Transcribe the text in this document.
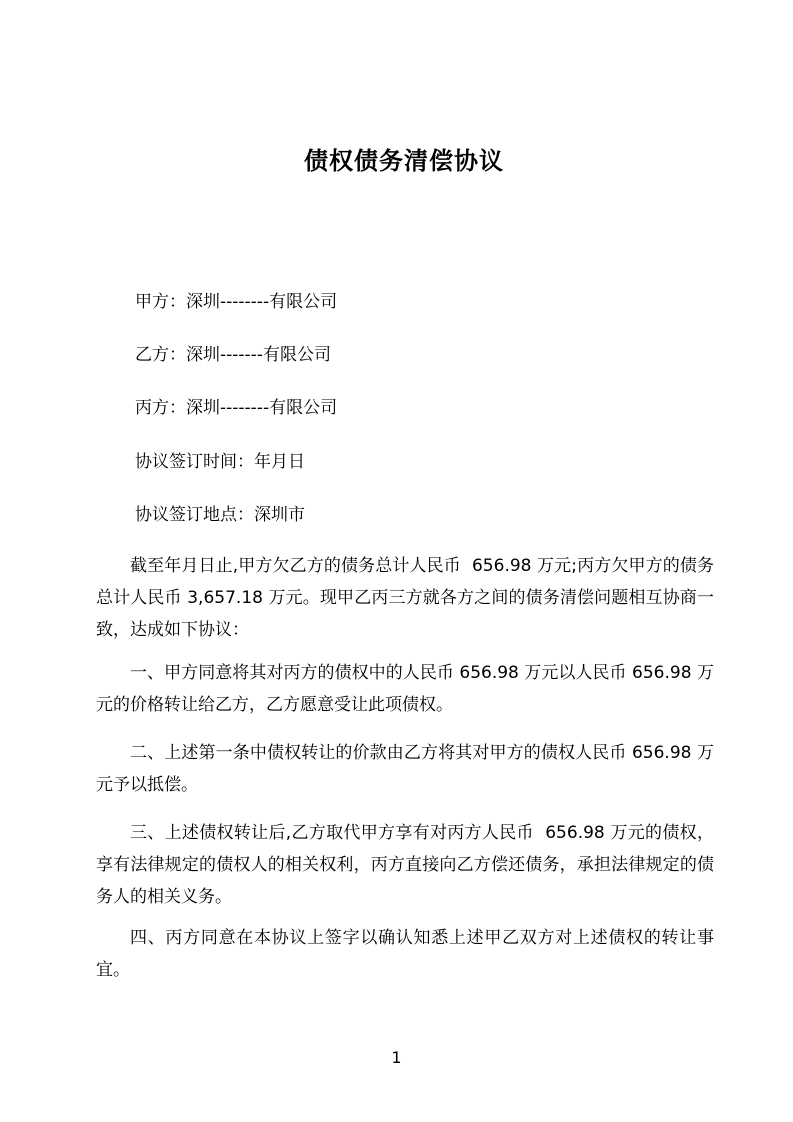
债权债务清偿协议
甲方：深圳--------有限公司
乙方：深圳-------有限公司
丙方：深圳--------有限公司
协议签订时间：年月日
协议签订地点：深圳市

截至年月日止,甲方欠乙方的债务总计人民币  656.98 万元;丙方欠甲方的债务总计人民币 3,657.18 万元。现甲乙丙三方就各方之间的债务清偿问题相互协商一致，达成如下协议：

一、甲方同意将其对丙方的债权中的人民币 656.98 万元以人民币 656.98 万元的价格转让给乙方，乙方愿意受让此项债权。

二、上述第一条中债权转让的价款由乙方将其对甲方的债权人民币 656.98 万元予以抵偿。

三、上述债权转让后,乙方取代甲方享有对丙方人民币  656.98 万元的债权，享有法律规定的债权人的相关权利，丙方直接向乙方偿还债务，承担法律规定的债务人的相关义务。

四、丙方同意在本协议上签字以确认知悉上述甲乙双方对上述债权的转让事宜。

1
